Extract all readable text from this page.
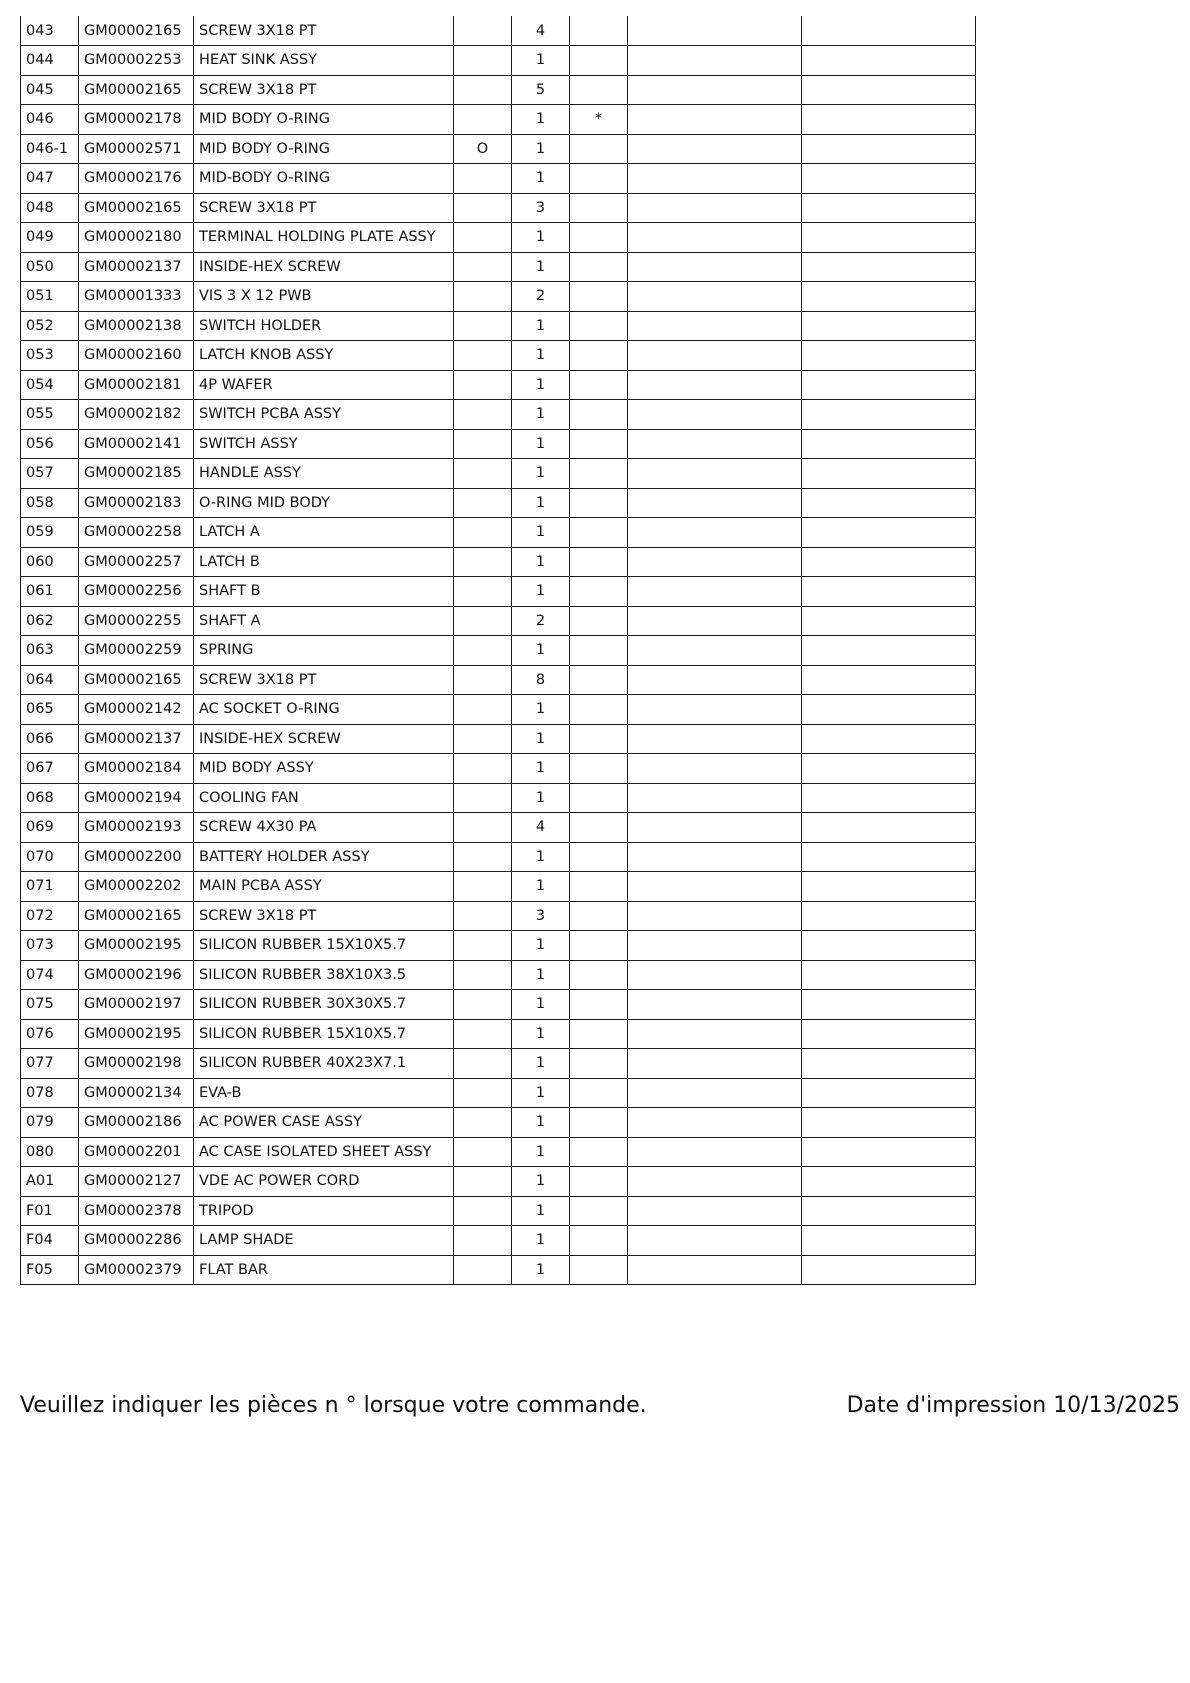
043	GM00002165	SCREW 3X18 PT		4			
044	GM00002253	HEAT SINK ASSY		1			
045	GM00002165	SCREW 3X18 PT		5			
046	GM00002178	MID BODY O-RING		1	*		
046-1	GM00002571	MID BODY O-RING	O	1			
047	GM00002176	MID-BODY O-RING		1			
048	GM00002165	SCREW 3X18 PT		3			
049	GM00002180	TERMINAL HOLDING PLATE ASSY		1			
050	GM00002137	INSIDE-HEX SCREW		1			
051	GM00001333	VIS 3 X 12 PWB		2			
052	GM00002138	SWITCH HOLDER		1			
053	GM00002160	LATCH KNOB ASSY		1			
054	GM00002181	4P WAFER		1			
055	GM00002182	SWITCH PCBA ASSY		1			
056	GM00002141	SWITCH ASSY		1			
057	GM00002185	HANDLE ASSY		1			
058	GM00002183	O-RING MID BODY		1			
059	GM00002258	LATCH A		1			
060	GM00002257	LATCH B		1			
061	GM00002256	SHAFT B		1			
062	GM00002255	SHAFT A		2			
063	GM00002259	SPRING		1			
064	GM00002165	SCREW 3X18 PT		8			
065	GM00002142	AC SOCKET O-RING		1			
066	GM00002137	INSIDE-HEX SCREW		1			
067	GM00002184	MID BODY ASSY		1			
068	GM00002194	COOLING FAN		1			
069	GM00002193	SCREW 4X30 PA		4			
070	GM00002200	BATTERY HOLDER ASSY		1			
071	GM00002202	MAIN PCBA ASSY		1			
072	GM00002165	SCREW 3X18 PT		3			
073	GM00002195	SILICON RUBBER 15X10X5.7		1			
074	GM00002196	SILICON RUBBER 38X10X3.5		1			
075	GM00002197	SILICON RUBBER 30X30X5.7		1			
076	GM00002195	SILICON RUBBER 15X10X5.7		1			
077	GM00002198	SILICON RUBBER 40X23X7.1		1			
078	GM00002134	EVA-B		1			
079	GM00002186	AC POWER CASE ASSY		1			
080	GM00002201	AC CASE ISOLATED SHEET ASSY		1			
A01	GM00002127	VDE AC POWER CORD		1			
F01	GM00002378	TRIPOD		1			
F04	GM00002286	LAMP SHADE		1			
F05	GM00002379	FLAT BAR		1			
Veuillez indiquer les pièces n ° lorsque votre commande.	Date d'impression 10/13/2025
